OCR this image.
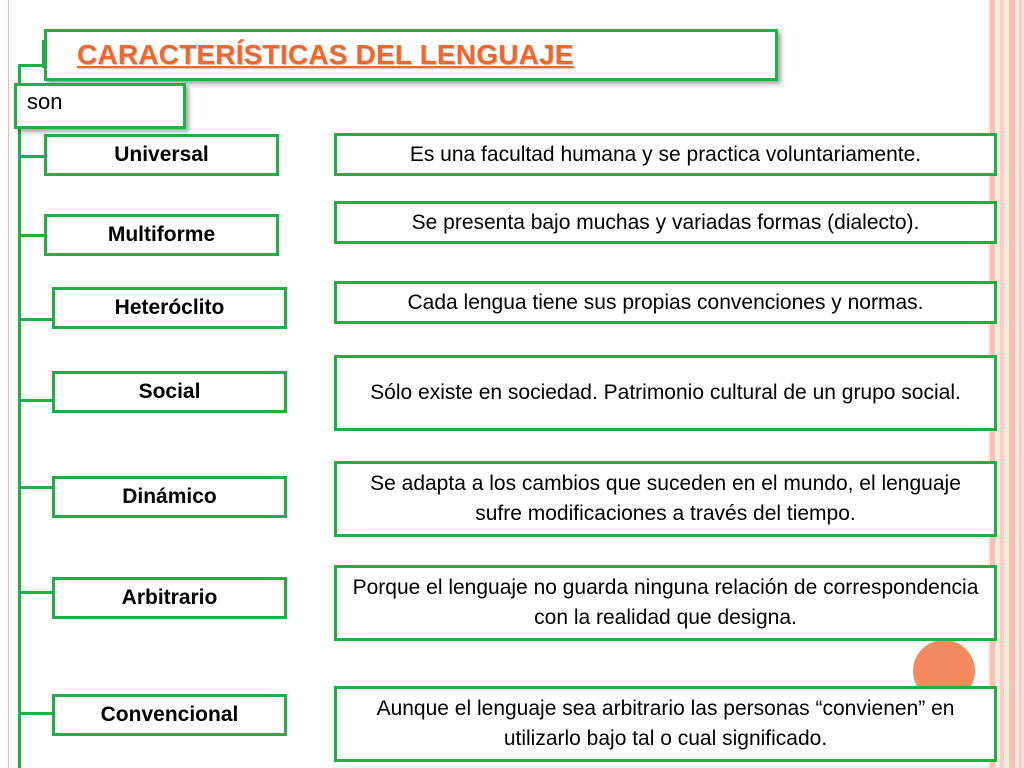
CARACTERÍSTICAS DEL LENGUAJE
son
Universal
Multiforme
Heteróclito
Social
Dinámico
Arbitrario
Convencional
Es una facultad humana y se practica voluntariamente.
Se presenta bajo muchas y variadas formas (dialecto).
Cada lengua tiene sus propias convenciones y normas.
Sólo existe en sociedad. Patrimonio cultural de un grupo social.
Se adapta a los cambios que suceden en el mundo, el lenguaje sufre modificaciones a través del tiempo.
Porque el lenguaje no guarda ninguna relación de correspondencia con la realidad que designa.
Aunque el lenguaje sea arbitrario las personas “convienen” en utilizarlo bajo tal o cual significado.
